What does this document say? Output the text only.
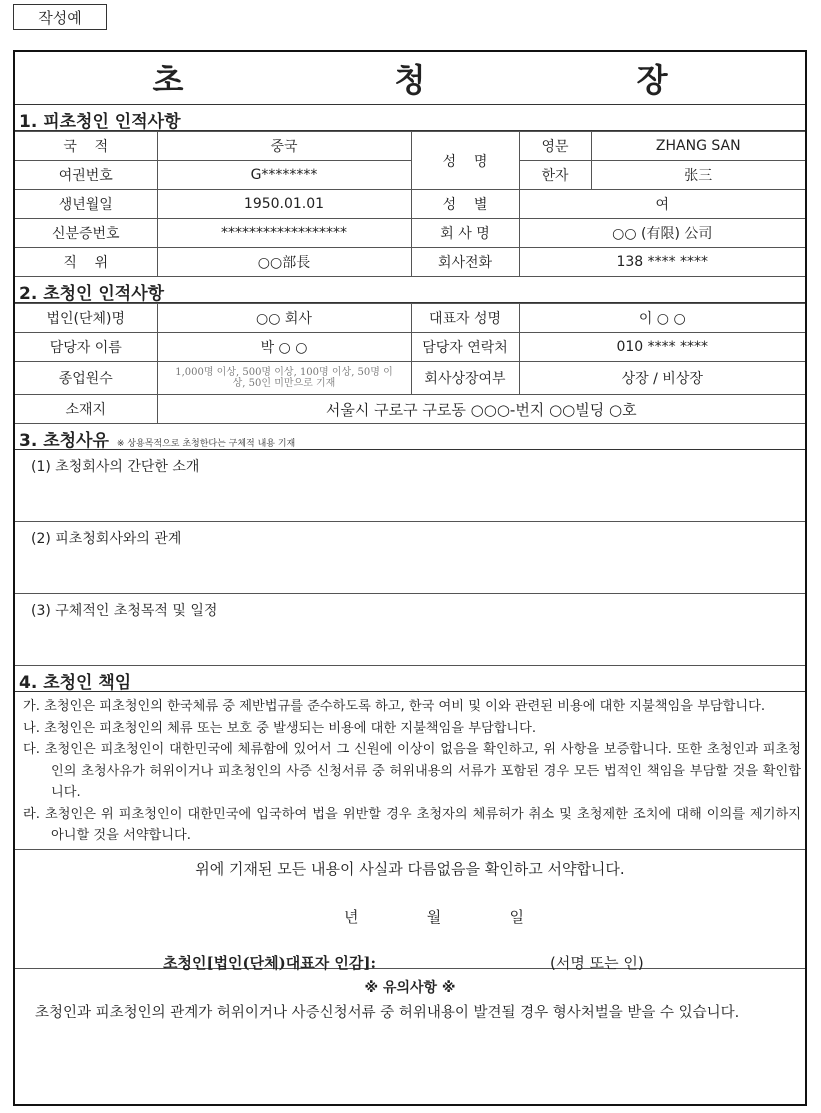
작성예
초 청 장
1. 피초청인 인적사항
국    적	중국	성    명	영문	ZHANG SAN
여권번호	G********		한자	张三
생년월일	1950.01.01	성    별	여	
신분증번호	******************	회 사 명	○○ (有限) 公司	
직    위	○○部長	회사전화	138 **** ****	
2. 초청인 인적사항
법인(단체)명	○○ 회사	대표자 성명	이 ○ ○
담당자 이름	박 ○ ○	담당자 연락처	010 **** ****
종업원수	1,000명 이상, 500명 이상, 100명 이상, 50명 이상, 50인 미만으로 기재	회사상장여부	상장 / 비상장
소재지	서울시 구로구 구로동 ○○○-번지 ○○빌딩 ○호		
3. 초청사유 ※ 상용목적으로 초청한다는 구체적 내용 기재
(1) 초청회사의 간단한 소개
(2) 피초청회사와의 관계
(3) 구체적인 초청목적 및 일정
4. 초청인 책임
가. 초청인은 피초청인의 한국체류 중 제반법규를 준수하도록 하고, 한국 여비 및 이와 관련된 비용에 대한 지불책임을 부담합니다.
나. 초청인은 피초청인의 체류 또는 보호 중 발생되는 비용에 대한 지불책임을 부담합니다.
다. 초청인은 피초청인이 대한민국에 체류함에 있어서 그 신원에 이상이 없음을 확인하고, 위 사항을 보증합니다. 또한 초청인과 피초청인의 초청사유가 허위이거나 피초청인의 사증 신청서류 중 허위내용의 서류가 포함된 경우 모든 법적인 책임을 부담할 것을 확인합니다.
라. 초청인은 위 피초청인이 대한민국에 입국하여 법을 위반할 경우 초청자의 체류허가 취소 및 초청제한 조치에 대해 이의를 제기하지 아니할 것을 서약합니다.
위에 기재된 모든 내용이 사실과 다름없음을 확인하고 서약합니다.
년	월	일
초청인[법인(단체)대표자 인감]:	(서명 또는 인)
※ 유의사항 ※
초청인과 피초청인의 관계가 허위이거나 사증신청서류 중 허위내용이 발견될 경우 형사처벌을 받을 수 있습니다.
